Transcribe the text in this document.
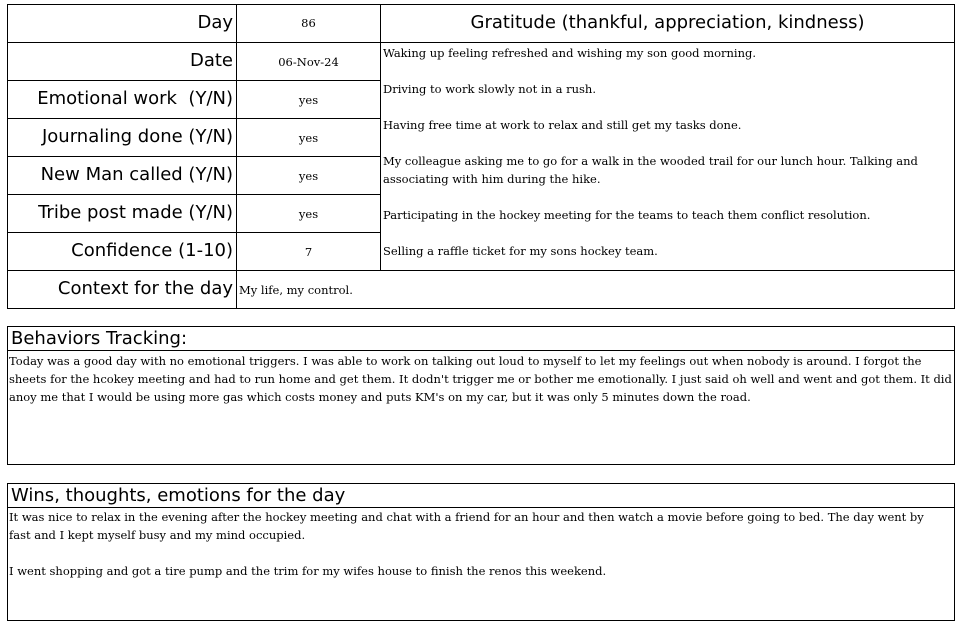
Day
Date
Emotional work  (Y/N)
Journaling done (Y/N)
New Man called (Y/N)
Tribe post made (Y/N)
Confidence (1-10)
Context for the day
86
06-Nov-24
yes
yes
yes
yes
7
My life, my control.
Gratitude (thankful, appreciation, kindness)
Waking up feeling refreshed and wishing my son good morning.
Driving to work slowly not in a rush.
Having free time at work to relax and still get my tasks done.
My colleague asking me to go for a walk in the wooded trail for our lunch hour. Talking and associating with him during the hike.
Participating in the hockey meeting for the teams to teach them conflict resolution.
Selling a raffle ticket for my sons hockey team.
Behaviors Tracking:
Today was a good day with no emotional triggers. I was able to work on talking out loud to myself to let my feelings out when nobody is around. I forgot the sheets for the hcokey meeting and had to run home and get them. It dodn't trigger me or bother me emotionally. I just said oh well and went and got them. It did anoy me that I would be using more gas which costs money and puts KM's on my car, but it was only 5 minutes down the road.
Wins, thoughts, emotions for the day
It was nice to relax in the evening after the hockey meeting and chat with a friend for an hour and then watch a movie before going to bed. The day went by fast and I kept myself busy and my mind occupied.
I went shopping and got a tire pump and the trim for my wifes house to finish the renos this weekend.
